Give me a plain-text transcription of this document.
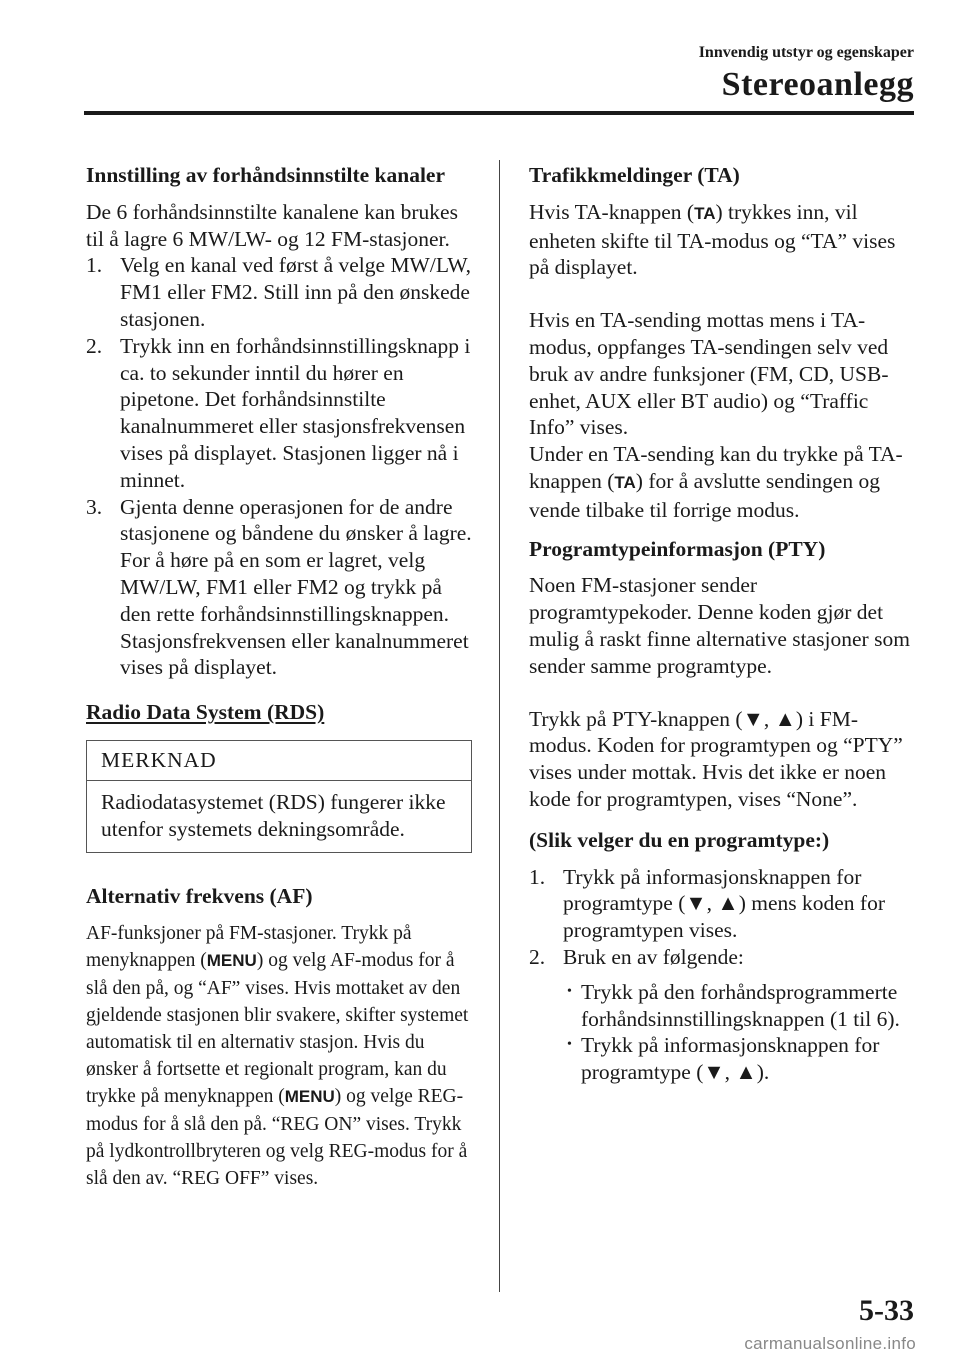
Innvendig utstyr og egenskaper
Stereoanlegg

Innstilling av forhåndsinnstilte kanaler

De 6 forhåndsinnstilte kanalene kan brukes til å lagre 6 MW/LW- og 12 FM-stasjoner.

1. Velg en kanal ved først å velge MW/LW, FM1 eller FM2. Still inn på den ønskede stasjonen.
2. Trykk inn en forhåndsinnstillingsknapp i ca. to sekunder inntil du hører en pipetone. Det forhåndsinnstilte kanalnummeret eller stasjonsfrekvensen vises på displayet. Stasjonen ligger nå i minnet.
3. Gjenta denne operasjonen for de andre stasjonene og båndene du ønsker å lagre. For å høre på en som er lagret, velg MW/LW, FM1 eller FM2 og trykk på den rette forhåndsinnstillingsknappen. Stasjonsfrekvensen eller kanalnummeret vises på displayet.

Radio Data System (RDS)

MERKNAD
Radiodatasystemet (RDS) fungerer ikke utenfor systemets dekningsområde.

Alternativ frekvens (AF)

AF-funksjoner på FM-stasjoner. Trykk på menyknappen (MENU) og velg AF-modus for å slå den på, og “AF” vises. Hvis mottaket av den gjeldende stasjonen blir svakere, skifter systemet automatisk til en alternativ stasjon. Hvis du ønsker å fortsette et regionalt program, kan du trykke på menyknappen (MENU) og velge REG-modus for å slå den på. “REG ON” vises. Trykk på lydkontrollbryteren og velg REG-modus for å slå den av. “REG OFF” vises.

Trafikkmeldinger (TA)

Hvis TA-knappen (TA) trykkes inn, vil enheten skifte til TA-modus og “TA” vises på displayet.

Hvis en TA-sending mottas mens i TA-modus, oppfanges TA-sendingen selv ved bruk av andre funksjoner (FM, CD, USB-enhet, AUX eller BT audio) og “Traffic Info” vises.

Under en TA-sending kan du trykke på TA-knappen (TA) for å avslutte sendingen og vende tilbake til forrige modus.

Programtypeinformasjon (PTY)

Noen FM-stasjoner sender programtypekoder. Denne koden gjør det mulig å raskt finne alternative stasjoner som sender samme programtype.

Trykk på PTY-knappen (▼, ▲) i FM-modus. Koden for programtypen og “PTY” vises under mottak. Hvis det ikke er noen kode for programtypen, vises “None”.

(Slik velger du en programtype:)

1. Trykk på informasjonsknappen for programtype (▼, ▲) mens koden for programtypen vises.
2. Bruk en av følgende:
• Trykk på den forhåndsprogrammerte forhåndsinnstillingsknappen (1 til 6).
• Trykk på informasjonsknappen for programtype (▼, ▲).
5-33
carmanualsonline.info
